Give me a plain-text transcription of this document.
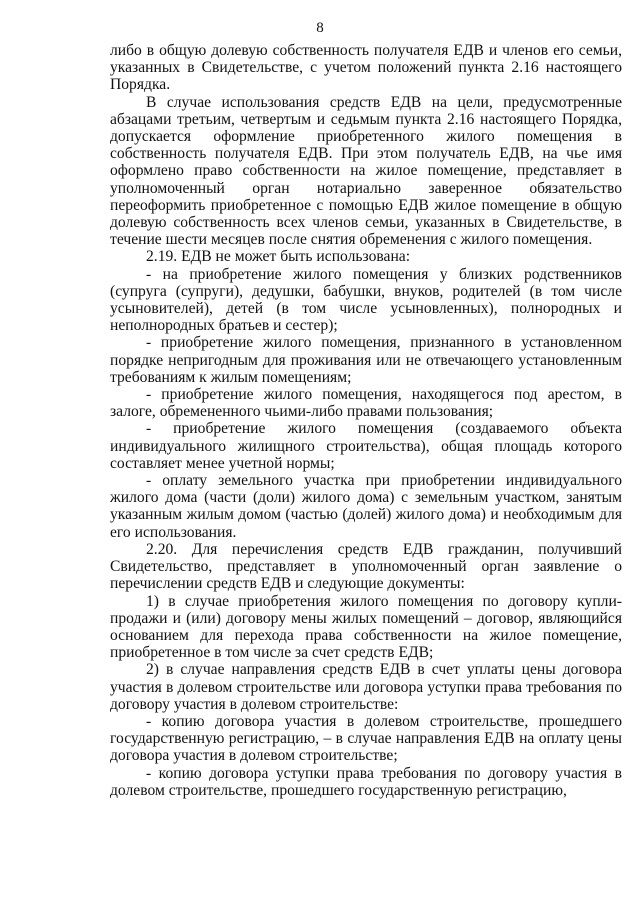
8

либо в общую долевую собственность получателя ЕДВ и членов его семьи, указанных в Свидетельстве, с учетом положений пункта 2.16 настоящего Порядка.

В случае использования средств ЕДВ на цели, предусмотренные абзацами третьим, четвертым и седьмым пункта 2.16 настоящего Порядка, допускается оформление приобретенного жилого помещения в собственность получателя ЕДВ. При этом получатель ЕДВ, на чье имя оформлено право собственности на жилое помещение, представляет в уполномоченный орган нотариально заверенное обязательство переоформить приобретенное с помощью ЕДВ жилое помещение в общую долевую собственность всех членов семьи, указанных в Свидетельстве, в течение шести месяцев после снятия обременения с жилого помещения.

2.19. ЕДВ не может быть использована:

- на приобретение жилого помещения у близких родственников (супруга (супруги), дедушки, бабушки, внуков, родителей (в том числе усыновителей), детей (в том числе усыновленных), полнородных и неполнородных братьев и сестер);

- приобретение жилого помещения, признанного в установленном порядке непригодным для проживания или не отвечающего установленным требованиям к жилым помещениям;

- приобретение жилого помещения, находящегося под арестом, в залоге, обремененного чьими-либо правами пользования;

- приобретение жилого помещения (создаваемого объекта индивидуального жилищного строительства), общая площадь которого составляет менее учетной нормы;

- оплату земельного участка при приобретении индивидуального жилого дома (части (доли) жилого дома) с земельным участком, занятым указанным жилым домом (частью (долей) жилого дома) и необходимым для его использования.

2.20. Для перечисления средств ЕДВ гражданин, получивший Свидетельство, представляет в уполномоченный орган заявление о перечислении средств ЕДВ и следующие документы:

1) в случае приобретения жилого помещения по договору купли-продажи и (или) договору мены жилых помещений – договор, являющийся основанием для перехода права собственности на жилое помещение, приобретенное в том числе за счет средств ЕДВ;

2) в случае направления средств ЕДВ в счет уплаты цены договора участия в долевом строительстве или договора уступки права требования по договору участия в долевом строительстве:

- копию договора участия в долевом строительстве, прошедшего государственную регистрацию, – в случае направления ЕДВ на оплату цены договора участия в долевом строительстве;

- копию договора уступки права требования по договору участия в долевом строительстве, прошедшего государственную регистрацию,
